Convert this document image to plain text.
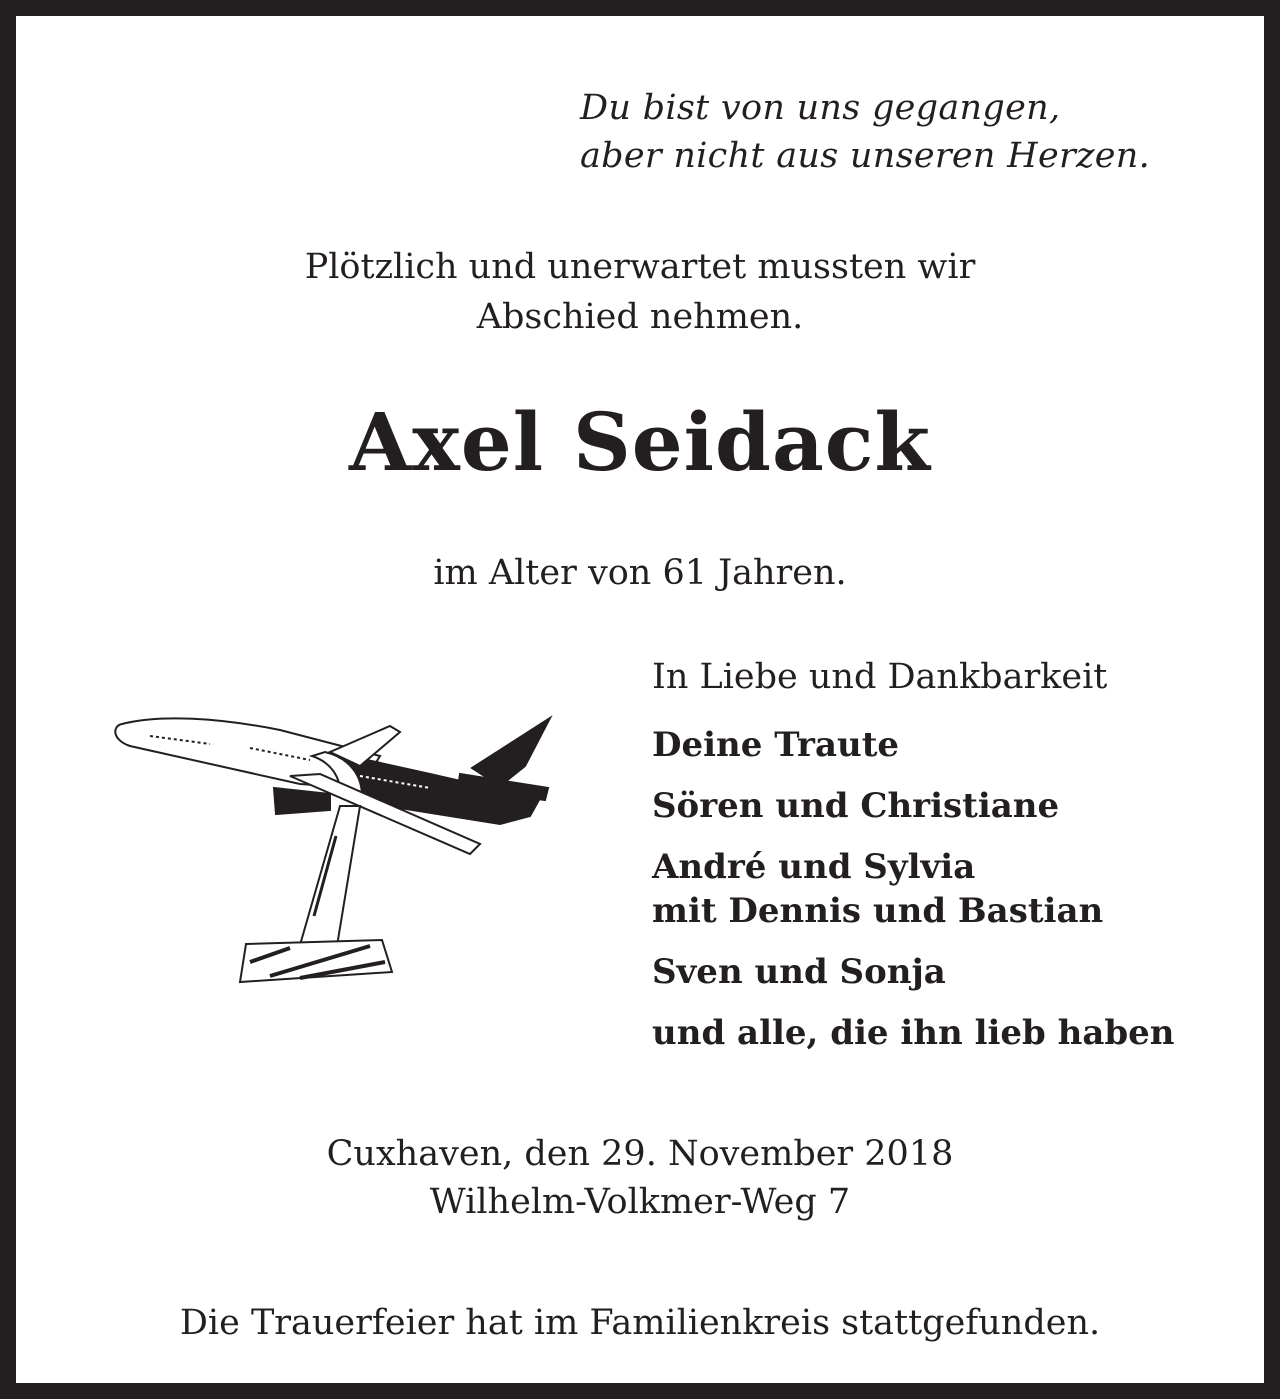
Du bist von uns gegangen,
aber nicht aus unseren Herzen.
Plötzlich und unerwartet mussten wir
Abschied nehmen.
Axel Seidack
im Alter von 61 Jahren.
In Liebe und Dankbarkeit
Deine Traute
Sören und Christiane
André und Sylvia
mit Dennis und Bastian
Sven und Sonja
und alle, die ihn lieb haben
Cuxhaven, den 29. November 2018
Wilhelm-Volkmer-Weg 7
Die Trauerfeier hat im Familienkreis stattgefunden.
